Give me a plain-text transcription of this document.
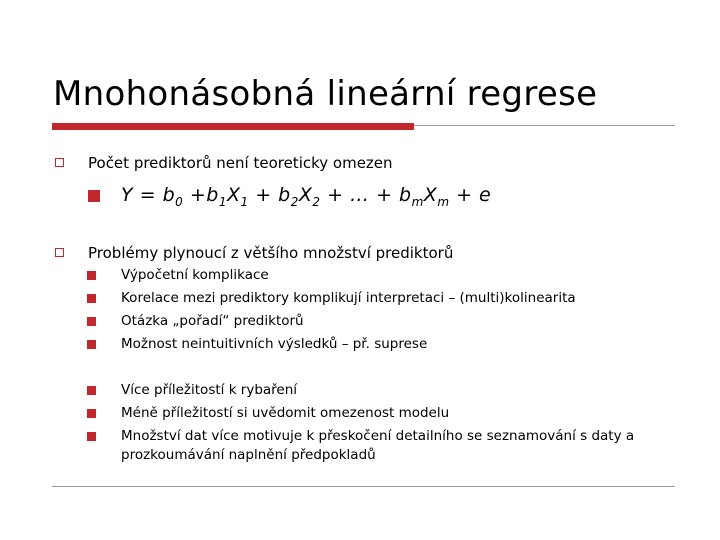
Mnohonásobná lineární regrese
Počet prediktorů není teoreticky omezen
$Y = b_0 +b_1X_1 + b_2X_2$ + … + $b_mX_m + e$
Problémy plynoucí z většího množství prediktorů
Výpočetní komplikace
Korelace mezi prediktory komplikují interpretaci – (multi)kolinearita
Otázka „pořadí“ prediktorů
Možnost neintuitivních výsledků – př. suprese
Více příležitostí k rybaření
Méně příležitostí si uvědomit omezenost modelu
Množství dat více motivuje k přeskočení detailního se seznamování s daty a
prozkoumávání naplnění předpokladů
